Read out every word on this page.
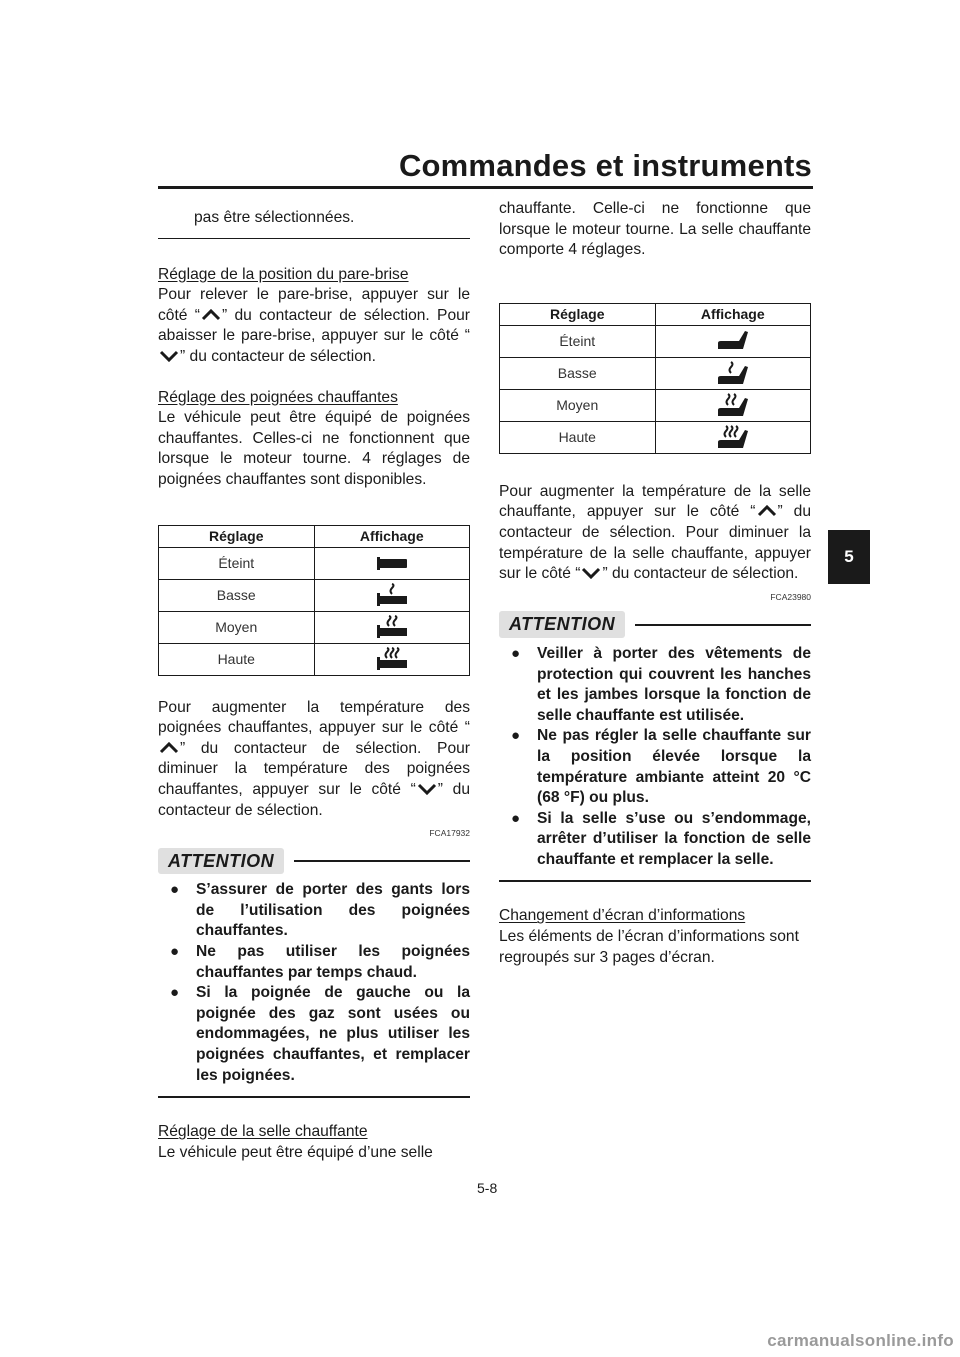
Commandes et instruments
5

pas être sélectionnées.

Réglage de la position du pare-brise

Pour relever le pare-brise, appuyer sur le côté “ ” du contacteur de sélection. Pour abaisser le pare-brise, appuyer sur le côté “
” du contacteur de sélection.

Réglage des poignées chauffantes

Le véhicule peut être équipé de poignées chauffantes. Celles-ci ne fonctionnent que lorsque le moteur tourne. 4 réglages de poignées chauffantes sont disponibles.

Réglage	Affichage
Éteint	

Basse	

Moyen	

Haute	

Pour augmenter la température des poignées chauffantes, appuyer sur le côté “
” du contacteur de sélection. Pour diminuer la température des poignées chauffantes, appuyer sur le côté “ ” du contacteur de sélection.

FCA17932
ATTENTION
● S’assurer de porter des gants lors de l’utilisation des poignées chauffantes.
● Ne pas utiliser les poignées chauffantes par temps chaud.
● Si la poignée de gauche ou la poignée des gaz sont usées ou endommagées, ne plus utiliser les poignées chauffantes, et remplacer les poignées.

Réglage de la selle chauffante

Le véhicule peut être équipé d’une selle

chauffante. Celle-ci ne fonctionne que lorsque le moteur tourne. La selle chauffante comporte 4 réglages.

Réglage	Affichage
Éteint	

Basse	

Moyen	

Haute	

Pour augmenter la température de la selle chauffante, appuyer sur le côté “ ” du contacteur de sélection. Pour diminuer la température de la selle chauffante, appuyer sur le côté “ ” du contacteur de sélection.

FCA23980
ATTENTION
● Veiller à porter des vêtements de protection qui couvrent les hanches et les jambes lorsque la fonction de selle chauffante est utilisée.
● Ne pas régler la selle chauffante sur la position élevée lorsque la température ambiante atteint 20 °C (68 °F) ou plus.
● Si la selle s’use ou s’endommage, arrêter d’utiliser la fonction de selle chauffante et remplacer la selle.

Changement d’écran d’informations

Les éléments de l’écran d’informations sont regroupés sur 3 pages d’écran.

5-8
carmanualsonline.info
